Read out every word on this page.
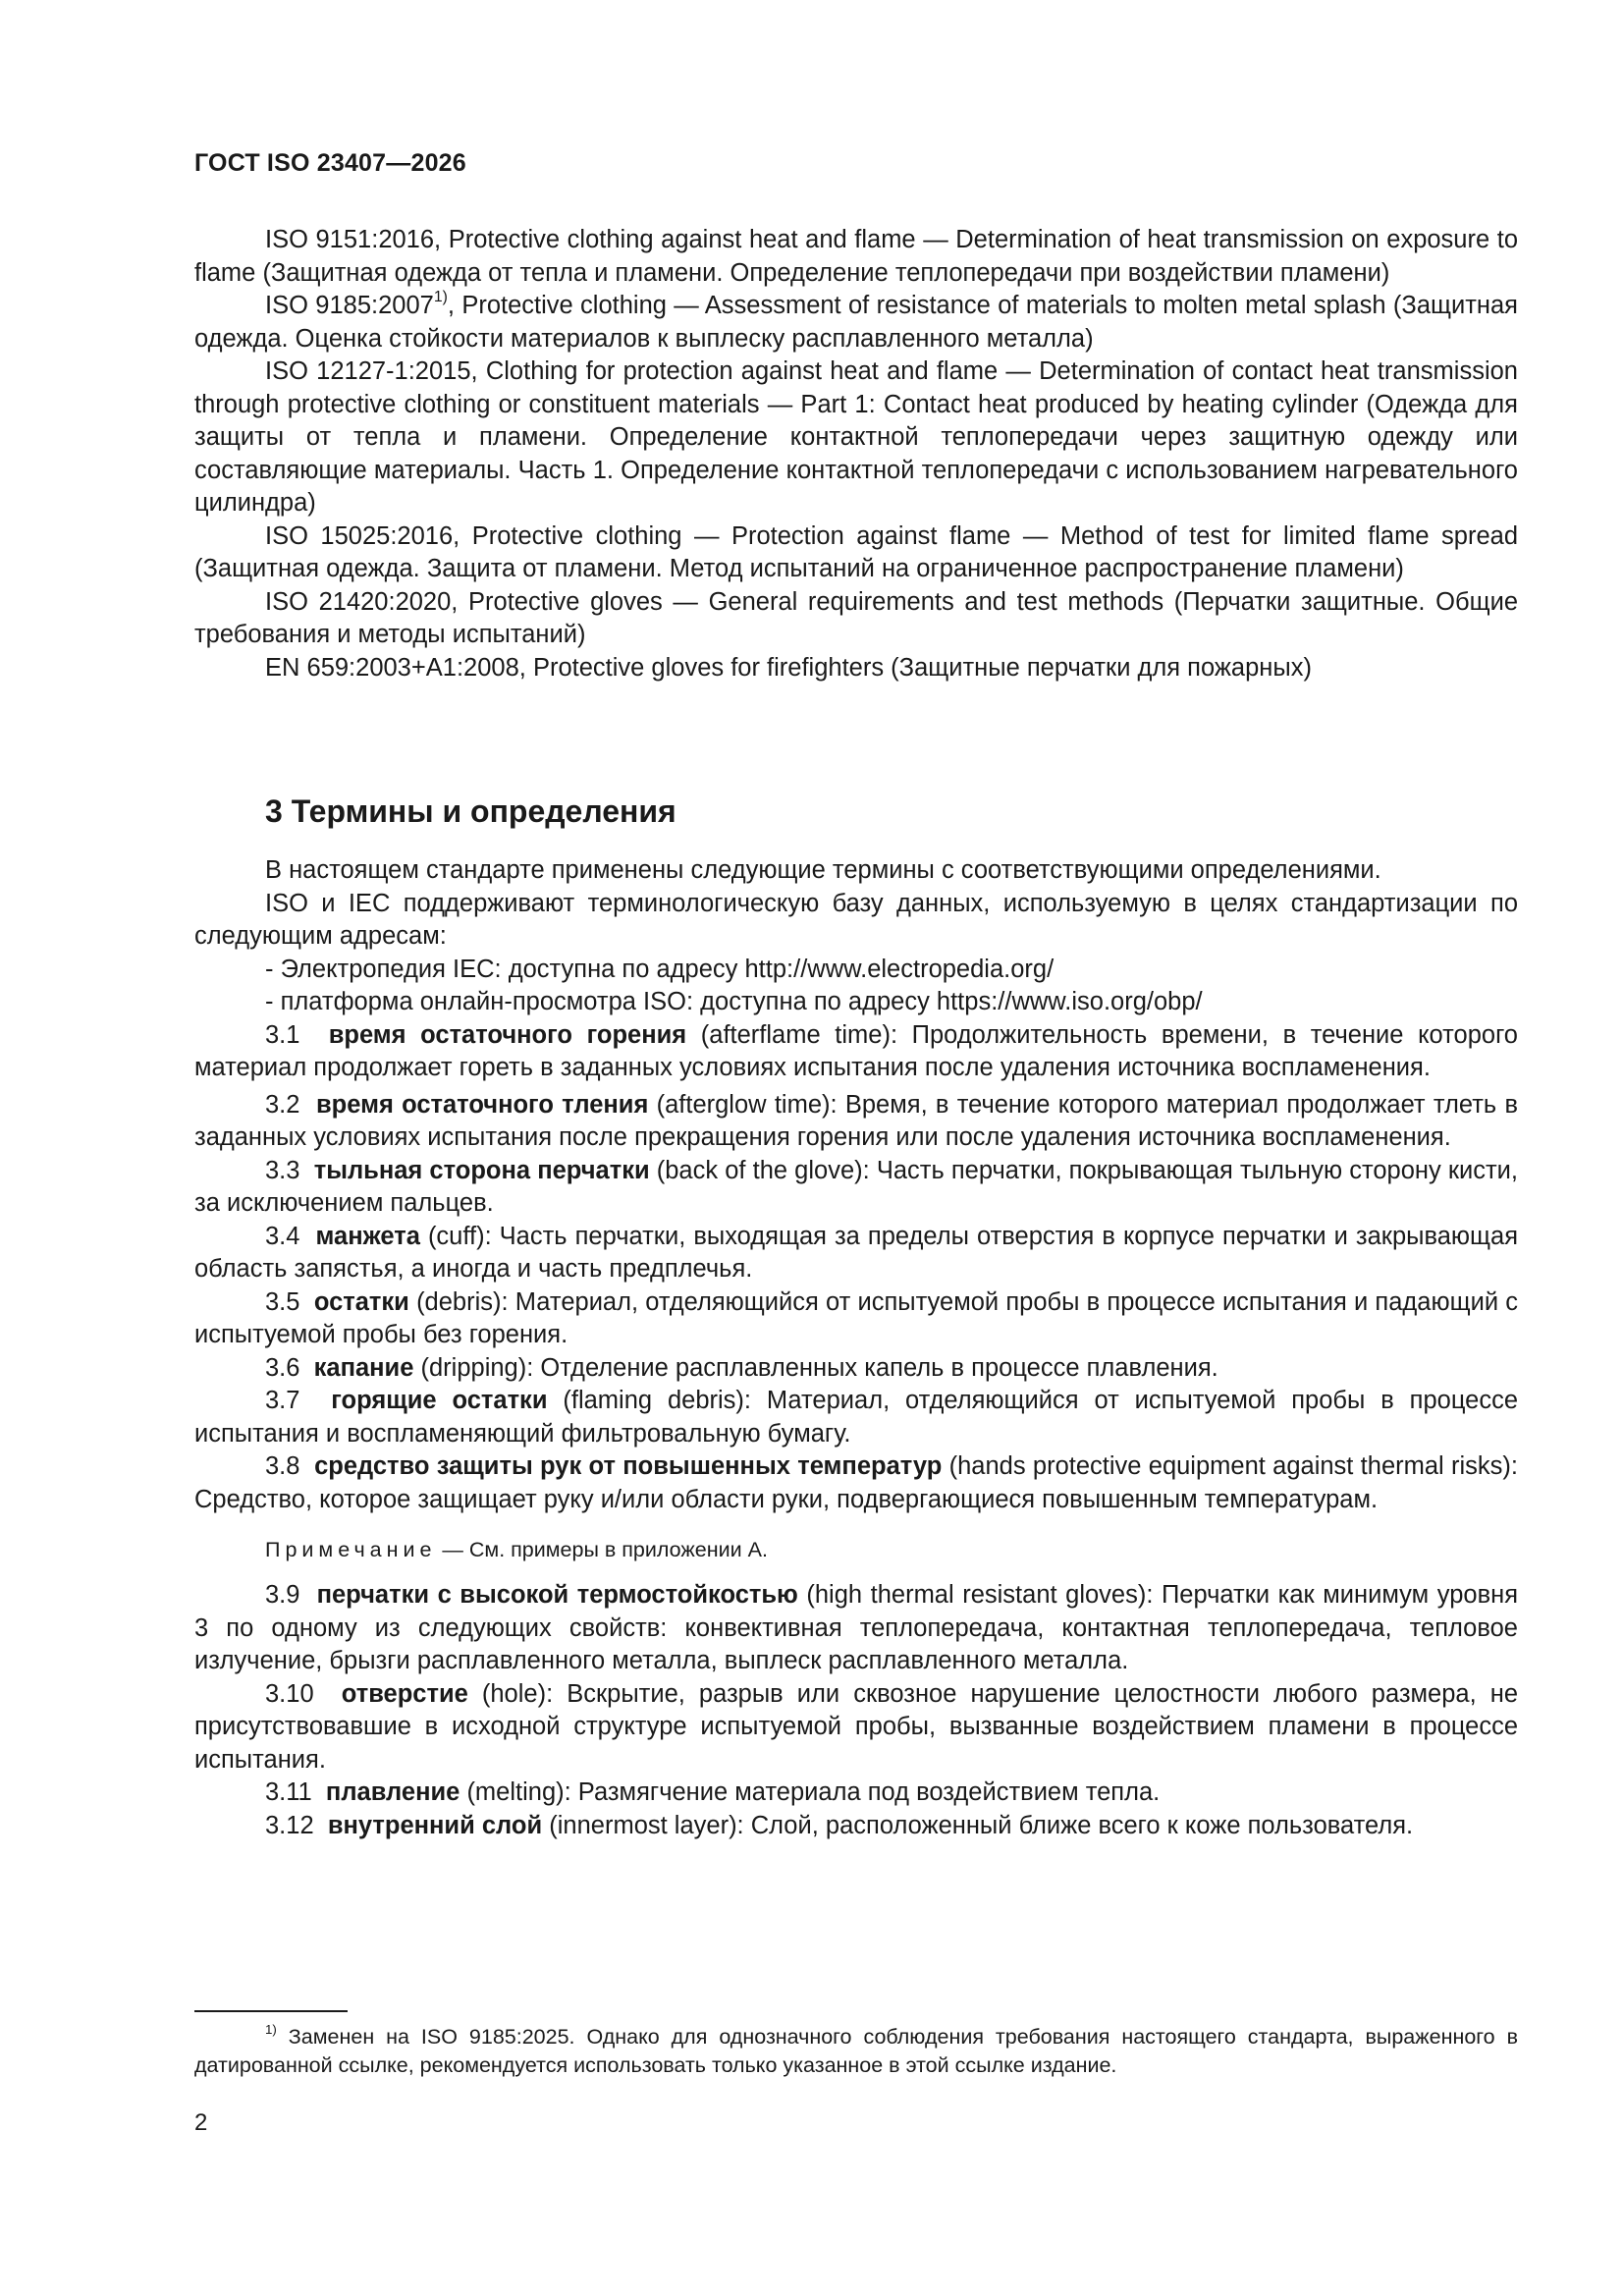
ГОСТ ISO 23407—2026

ISO 9151:2016, Protective clothing against heat and flame — Determination of heat transmission on exposure to flame (Защитная одежда от тепла и пламени. Определение теплопередачи при воздействии пламени)

ISO 9185:2007$^{1)}$, Protective clothing — Assessment of resistance of materials to molten metal splash (Защитная одежда. Оценка стойкости материалов к выплеску расплавленного металла)

ISO 12127-1:2015, Clothing for protection against heat and flame — Determination of contact heat transmission through protective clothing or constituent materials — Part 1: Contact heat produced by heating cylinder (Одежда для защиты от тепла и пламени. Определение контактной теплопередачи через защитную одежду или составляющие материалы. Часть 1. Определение контактной теплопередачи с использованием нагревательного цилиндра)

ISO 15025:2016, Protective clothing — Protection against flame — Method of test for limited flame spread (Защитная одежда. Защита от пламени. Метод испытаний на ограниченное распространение пламени)

ISO 21420:2020, Protective gloves — General requirements and test methods (Перчатки защитные. Общие требования и методы испытаний)

EN 659:2003+A1:2008, Protective gloves for firefighters (Защитные перчатки для пожарных)

3 Термины и определения

В настоящем стандарте применены следующие термины с соответствующими определениями.

ISO и IEC поддерживают терминологическую базу данных, используемую в целях стандартизации по следующим адресам:

- Электропедия IEC: доступна по адресу http://www.electropedia.org/

- платформа онлайн-просмотра ISO: доступна по адресу https://www.iso.org/obp/

3.1 время остаточного горения (afterflame time): Продолжительность времени, в течение которого материал продолжает гореть в заданных условиях испытания после удаления источника воспламенения.

3.2 время остаточного тления (afterglow time): Время, в течение которого материал продолжает тлеть в заданных условиях испытания после прекращения горения или после удаления источника воспламенения.

3.3 тыльная сторона перчатки (back of the glove): Часть перчатки, покрывающая тыльную сторону кисти, за исключением пальцев.

3.4 манжета (cuff): Часть перчатки, выходящая за пределы отверстия в корпусе перчатки и закрывающая область запястья, а иногда и часть предплечья.

3.5 остатки (debris): Материал, отделяющийся от испытуемой пробы в процессе испытания и падающий с испытуемой пробы без горения.

3.6 капание (dripping): Отделение расплавленных капель в процессе плавления.

3.7 горящие остатки (flaming debris): Материал, отделяющийся от испытуемой пробы в процессе испытания и воспламеняющий фильтровальную бумагу.

3.8 средство защиты рук от повышенных температур (hands protective equipment against thermal risks): Средство, которое защищает руку и/или области руки, подвергающиеся повышенным температурам.

Примечание — См. примеры в приложении А.

3.9 перчатки с высокой термостойкостью (high thermal resistant gloves): Перчатки как минимум уровня 3 по одному из следующих свойств: конвективная теплопередача, контактная теплопередача, тепловое излучение, брызги расплавленного металла, выплеск расплавленного металла.

3.10 отверстие (hole): Вскрытие, разрыв или сквозное нарушение целостности любого размера, не присутствовавшие в исходной структуре испытуемой пробы, вызванные воздействием пламени в процессе испытания.

3.11 плавление (melting): Размягчение материала под воздействием тепла.

3.12 внутренний слой (innermost layer): Слой, расположенный ближе всего к коже пользователя.

$^{1)}$ Заменен на ISO 9185:2025. Однако для однозначного соблюдения требования настоящего стандарта, выраженного в датированной ссылке, рекомендуется использовать только указанное в этой ссылке издание.

2
